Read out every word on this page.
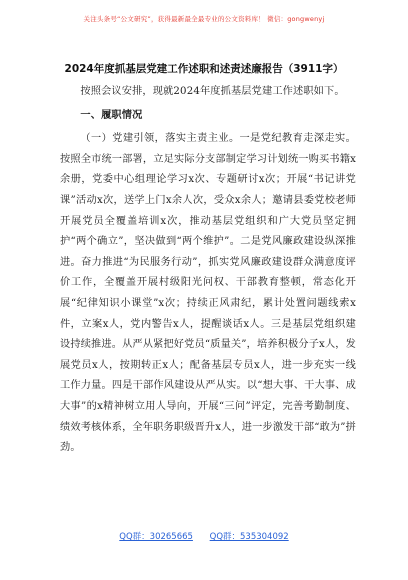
关注头条号“公文研究”，获得最新最全最专业的公文资料库！ 微信：gongwenyj
2024年度抓基层党建工作述职和述责述廉报告（3911字）

按照会议安排，现就2024年度抓基层党建工作述职如下。

一、履职情况

（一）党建引领，落实主责主业。一是党纪教育走深走实。按照全市统一部署，立足实际分支部制定学习计划统一购买书籍x余册，党委中心组理论学习x次、专题研讨x次；开展“书记讲党课”活动x次，送学上门x余人次，受众x余人；邀请县委党校老师开展党员全覆盖培训x次，推动基层党组织和广大党员坚定拥护“两个确立”，坚决做到“两个维护”。二是党风廉政建设纵深推进。奋力推进“为民服务行动”，抓实党风廉政建设群众满意度评价工作，全覆盖开展村级阳光问权、干部教育整顿，常态化开展“纪律知识小课堂”x次；持续正风肃纪，累计处置问题线索x件，立案x人，党内警告x人，提醒谈话x人。三是基层党组织建设持续推进。从严从紧把好党员“质量关”，培养积极分子x人，发展党员x人，按期转正x人；配备基层专员x人，进一步充实一线工作力量。四是干部作风建设从严从实。以“想大事、干大事、成大事”的x精神树立用人导向，开展“三问”评定，完善考勤制度、绩效考核体系，全年职务职级晋升x人，进一步激发干部“敢为”拼劲。

QQ群：30265665 QQ群：535304092
